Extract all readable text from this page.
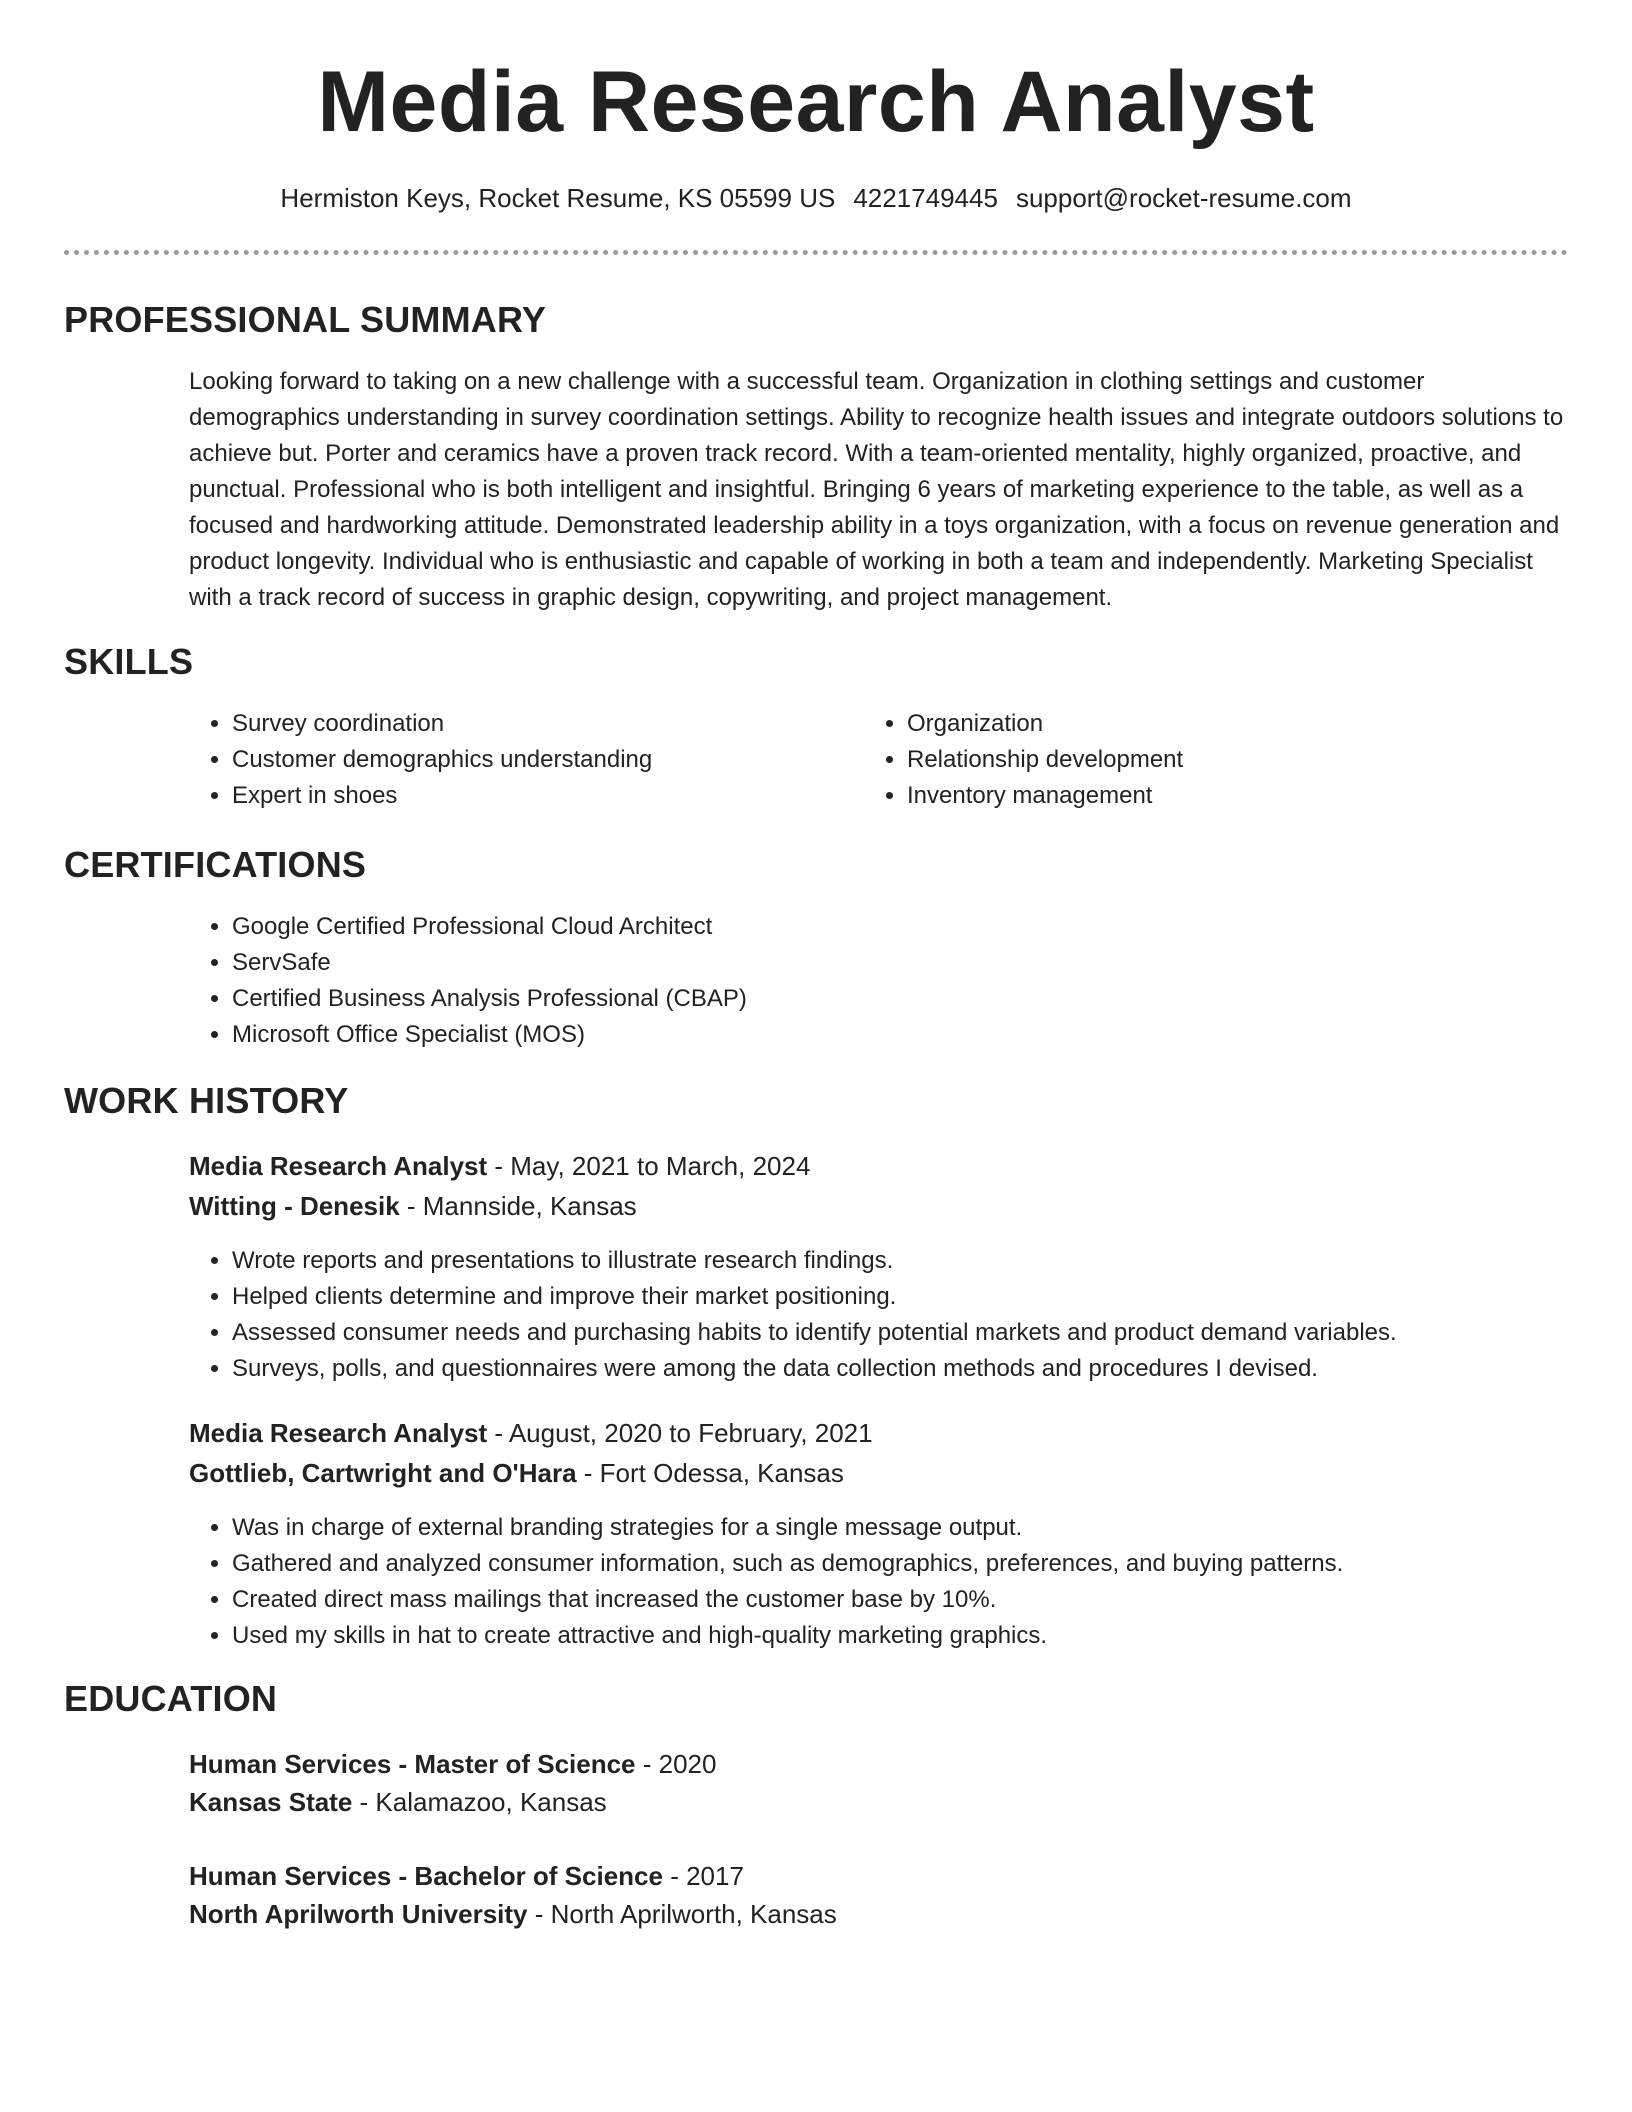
Media Research Analyst
Hermiston Keys, Rocket Resume, KS 05599 US 4221749445 support@rocket-resume.com
PROFESSIONAL SUMMARY

Looking forward to taking on a new challenge with a successful team. Organization in clothing settings and customer demographics understanding in survey coordination settings. Ability to recognize health issues and integrate outdoors solutions to achieve but. Porter and ceramics have a proven track record. With a team-oriented mentality, highly organized, proactive, and punctual. Professional who is both intelligent and insightful. Bringing 6 years of marketing experience to the table, as well as a focused and hardworking attitude. Demonstrated leadership ability in a toys organization, with a focus on revenue generation and product longevity. Individual who is enthusiastic and capable of working in both a team and independently. Marketing Specialist with a track record of success in graphic design, copywriting, and project management.

SKILLS
• Survey coordination
• Customer demographics understanding
• Expert in shoes
• Organization
• Relationship development
• Inventory management
CERTIFICATIONS
• Google Certified Professional Cloud Architect
• ServSafe
• Certified Business Analysis Professional (CBAP)
• Microsoft Office Specialist (MOS)
WORK HISTORY
Media Research Analyst - May, 2021 to March, 2024
Witting - Denesik - Mannside, Kansas
• Wrote reports and presentations to illustrate research findings.
• Helped clients determine and improve their market positioning.
• Assessed consumer needs and purchasing habits to identify potential markets and product demand variables.
• Surveys, polls, and questionnaires were among the data collection methods and procedures I devised.
Media Research Analyst - August, 2020 to February, 2021
Gottlieb, Cartwright and O'Hara - Fort Odessa, Kansas
• Was in charge of external branding strategies for a single message output.
• Gathered and analyzed consumer information, such as demographics, preferences, and buying patterns.
• Created direct mass mailings that increased the customer base by 10%.
• Used my skills in hat to create attractive and high-quality marketing graphics.
EDUCATION
Human Services - Master of Science - 2020
Kansas State - Kalamazoo, Kansas
Human Services - Bachelor of Science - 2017
North Aprilworth University - North Aprilworth, Kansas
